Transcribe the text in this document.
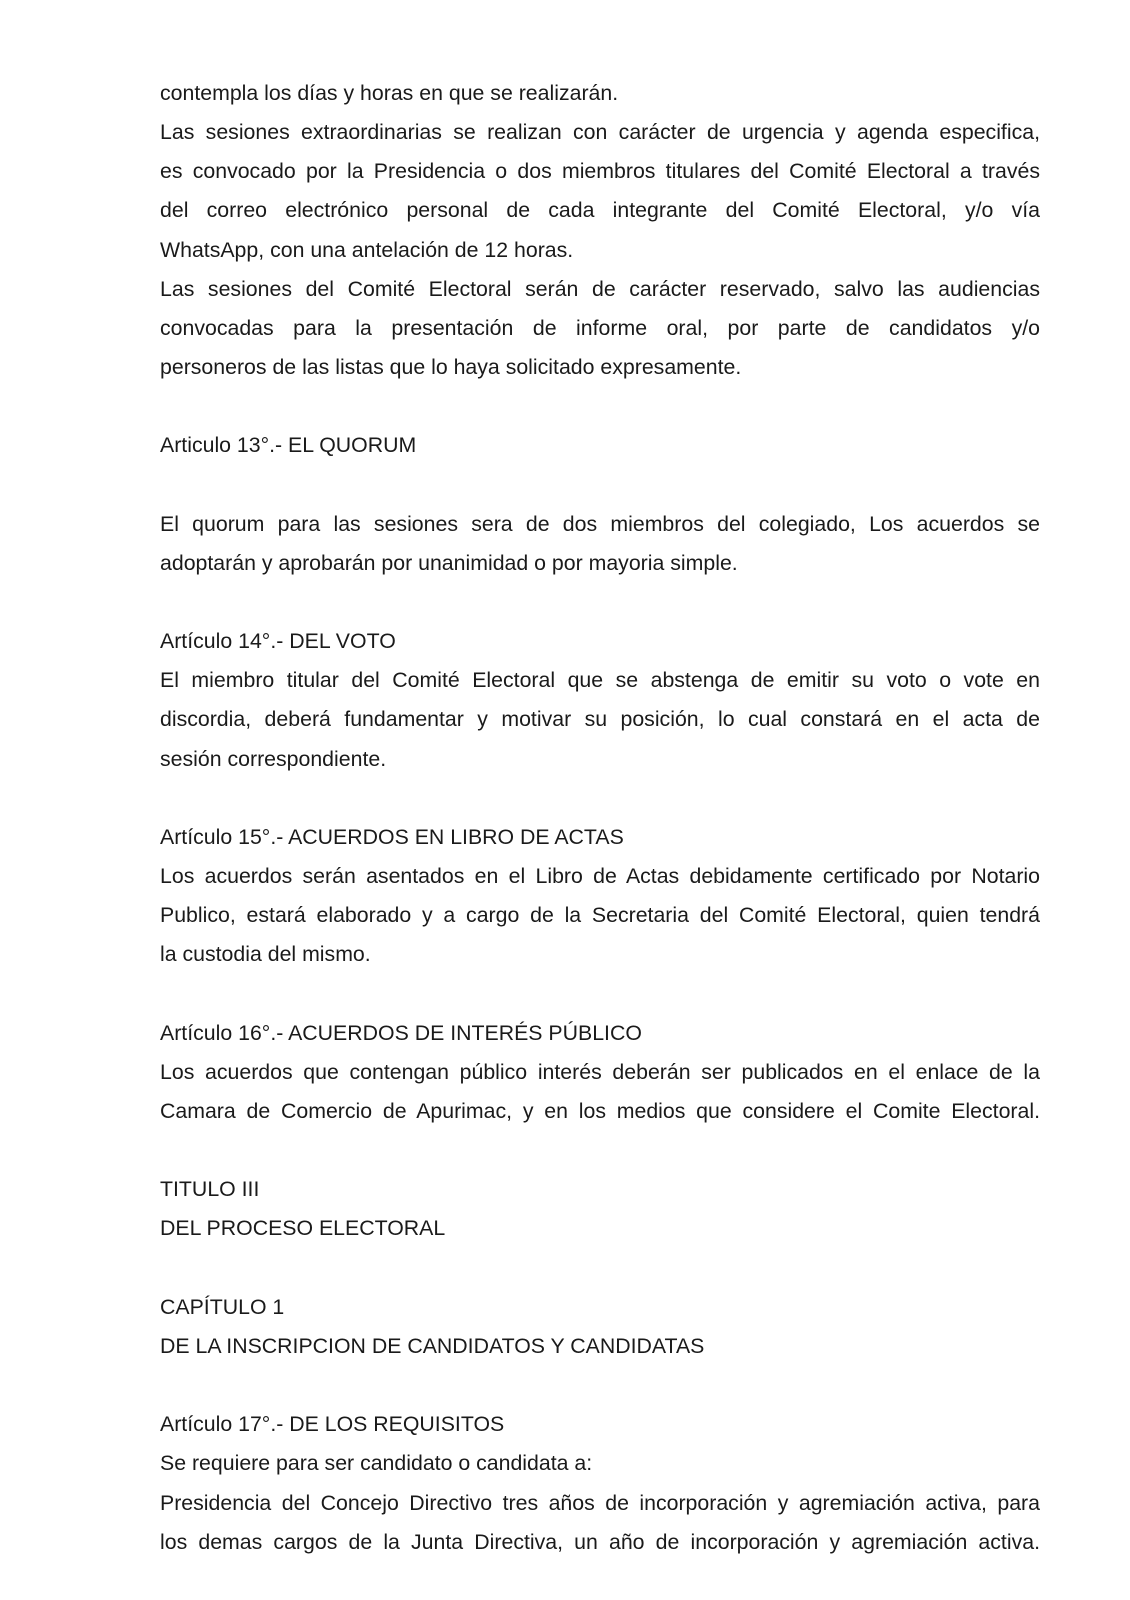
contempla los días y horas en que se realizarán.

Las sesiones extraordinarias se realizan con carácter de urgencia y agenda especifica,

es convocado por la Presidencia o dos miembros titulares del Comité Electoral a través

del correo electrónico personal de cada integrante del Comité Electoral, y/o vía

WhatsApp, con una antelación de 12 horas.

Las sesiones del Comité Electoral serán de carácter reservado, salvo las audiencias

convocadas para la presentación de informe oral, por parte de candidatos y/o

personeros de las listas que lo haya solicitado expresamente.

Articulo 13°.- EL QUORUM

El quorum para las sesiones sera de dos miembros del colegiado, Los acuerdos se

adoptarán y aprobarán por unanimidad o por mayoria simple.

Artículo 14°.- DEL VOTO

El miembro titular del Comité Electoral que se abstenga de emitir su voto o vote en

discordia, deberá fundamentar y motivar su posición, lo cual constará en el acta de

sesión correspondiente.

Artículo 15°.- ACUERDOS EN LIBRO DE ACTAS

Los acuerdos serán asentados en el Libro de Actas debidamente certificado por Notario

Publico, estará elaborado y a cargo de la Secretaria del Comité Electoral, quien tendrá

la custodia del mismo.

Artículo 16°.- ACUERDOS DE INTERÉS PÚBLICO

Los acuerdos que contengan público interés deberán ser publicados en el enlace de la

Camara de Comercio de Apurimac, y en los medios que considere el Comite Electoral.

TITULO III

DEL PROCESO ELECTORAL

CAPÍTULO 1

DE LA INSCRIPCION DE CANDIDATOS Y CANDIDATAS

Artículo 17°.- DE LOS REQUISITOS

Se requiere para ser candidato o candidata a:

Presidencia del Concejo Directivo tres años de incorporación y agremiación activa, para

los demas cargos de la Junta Directiva, un año de incorporación y agremiación activa.
